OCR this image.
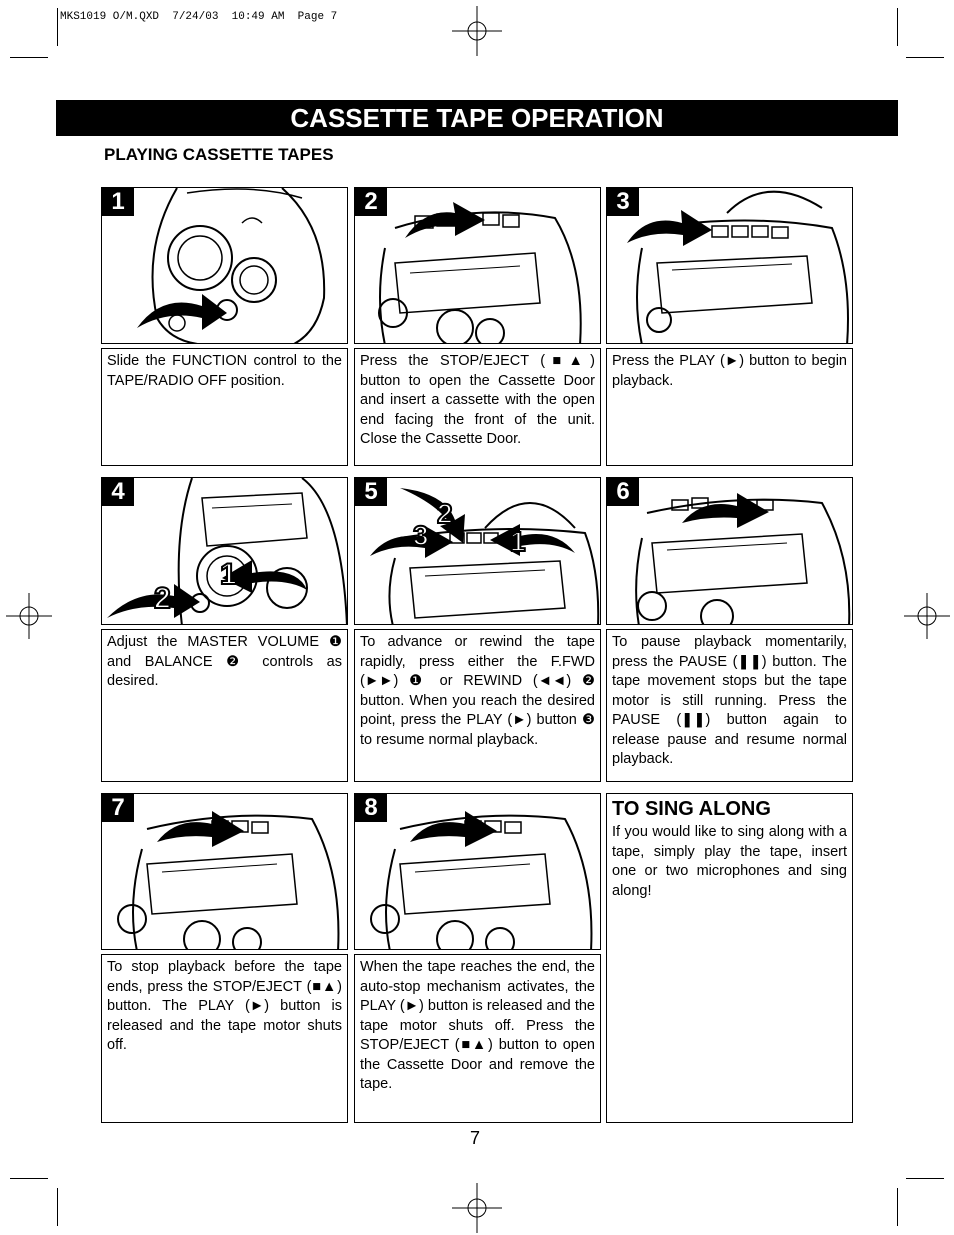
MKS1019 O/M.QXD  7/24/03  10:49 AM  Page 7
CASSETTE TAPE OPERATION
PLAYING CASSETTE TAPES
1	2	3
Slide the FUNCTION control to the TAPE/RADIO OFF position.
Press the STOP/EJECT (■▲) button to open the Cassette Door and insert a cassette with the open end facing the front of the unit. Close the Cassette Door.
Press the PLAY (►) button to begin playback.
4
1
2
5
2
3	1
6
Adjust the MASTER VOLUME ❶ and BALANCE ❷ controls as desired.
To advance or rewind the tape rapidly, press either the F.FWD (►►) ❶ or REWIND (◄◄) ❷ button. When you reach the desired point, press the PLAY (►) button ❸ to resume normal playback.
To pause playback momentarily, press the PAUSE (❚❚) button. The tape movement stops but the tape motor is still running. Press the PAUSE (❚❚) button again to release pause and resume normal playback.
7	8	TO SING ALONG
If you would like to sing along with a tape, simply play the tape, insert one or two microphones and sing along!
To stop playback before the tape ends, press the STOP/EJECT (■▲) button. The PLAY (►) button is released and the tape motor shuts off.
When the tape reaches the end, the auto-stop mechanism activates, the PLAY (►) button is released and the tape motor shuts off. Press the STOP/EJECT (■▲) button to open the Cassette Door and remove the tape.
7
